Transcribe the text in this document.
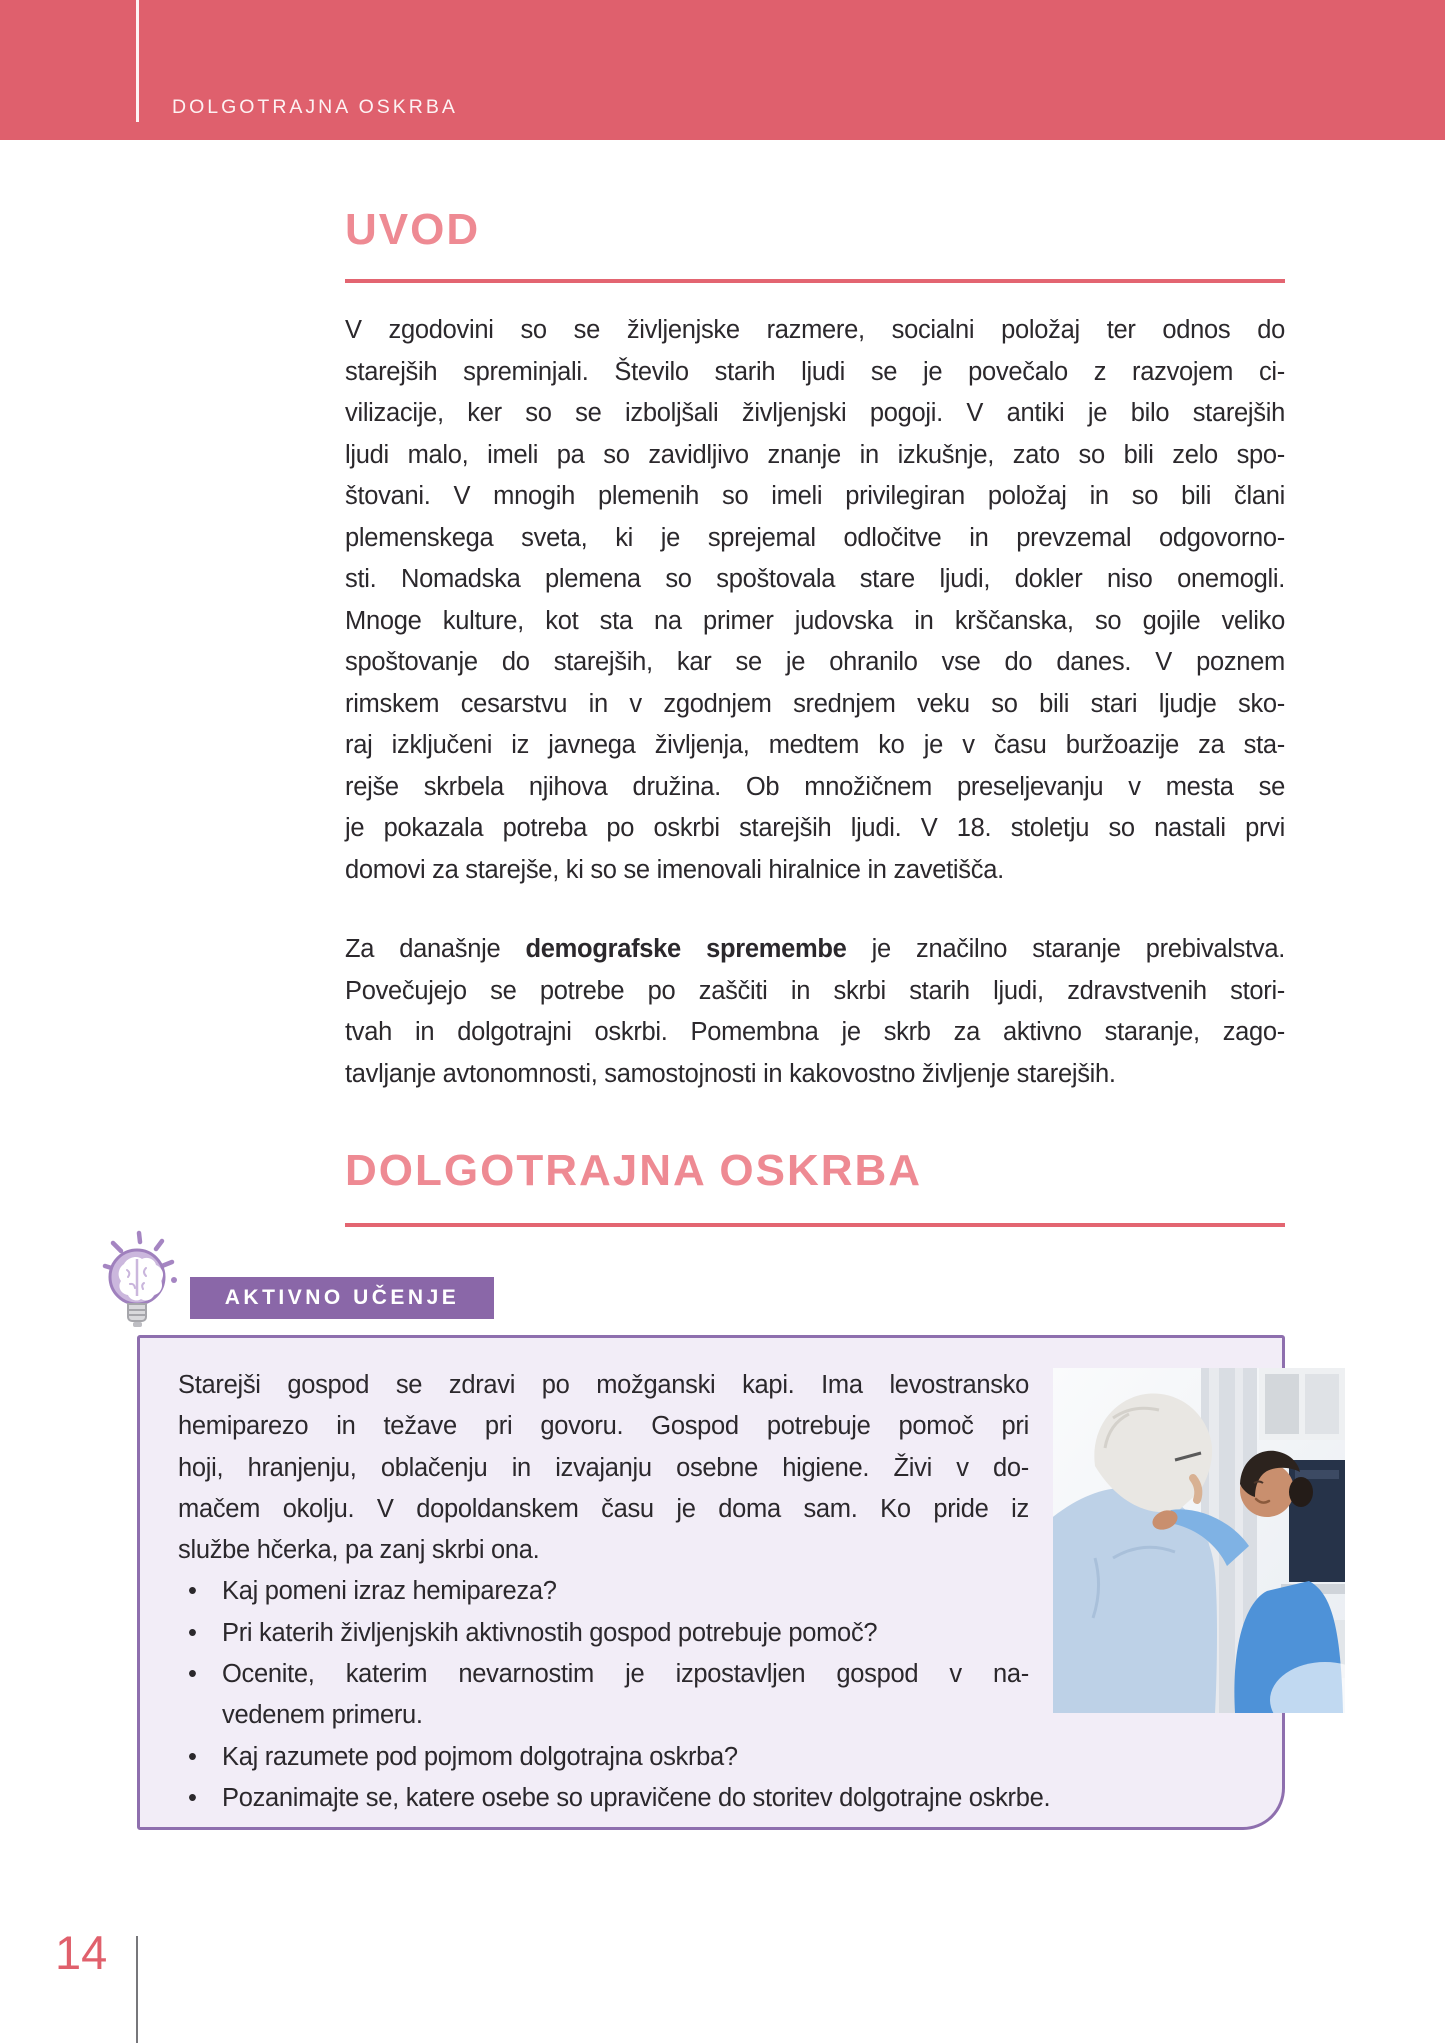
DOLGOTRAJNA OSKRBA
UVOD
V zgodovini so se življenjske razmere, socialni položaj ter odnos do
starejših spreminjali. Število starih ljudi se je povečalo z razvojem ci-
vilizacije, ker so se izboljšali življenjski pogoji. V antiki je bilo starejših
ljudi malo, imeli pa so zavidljivo znanje in izkušnje, zato so bili zelo spo-
štovani. V mnogih plemenih so imeli privilegiran položaj in so bili člani
plemenskega sveta, ki je sprejemal odločitve in prevzemal odgovorno-
sti. Nomadska plemena so spoštovala stare ljudi, dokler niso onemogli.
Mnoge kulture, kot sta na primer judovska in krščanska, so gojile veliko
spoštovanje do starejših, kar se je ohranilo vse do danes. V poznem
rimskem cesarstvu in v zgodnjem srednjem veku so bili stari ljudje sko-
raj izključeni iz javnega življenja, medtem ko je v času buržoazije za sta-
rejše skrbela njihova družina. Ob množičnem preseljevanju v mesta se
je pokazala potreba po oskrbi starejših ljudi. V 18. stoletju so nastali prvi
domovi za starejše, ki so se imenovali hiralnice in zavetišča.
Za današnje demografske spremembe je značilno staranje prebivalstva.
Povečujejo se potrebe po zaščiti in skrbi starih ljudi, zdravstvenih stori-
tvah in dolgotrajni oskrbi. Pomembna je skrb za aktivno staranje, zago-
tavljanje avtonomnosti, samostojnosti in kakovostno življenje starejših.
DOLGOTRAJNA OSKRBA
AKTIVNO UČENJE
Starejši gospod se zdravi po možganski kapi. Ima levostransko
hemiparezo in težave pri govoru. Gospod potrebuje pomoč pri
hoji, hranjenju, oblačenju in izvajanju osebne higiene. Živi v do-
mačem okolju. V dopoldanskem času je doma sam. Ko pride iz
službe hčerka, pa zanj skrbi ona.
• Kaj pomeni izraz hemipareza?
• Pri katerih življenjskih aktivnostih gospod potrebuje pomoč?
• Ocenite, katerim nevarnostim je izpostavljen gospod v na-
vedenem primeru.
• Kaj razumete pod pojmom dolgotrajna oskrba?
• Pozanimajte se, katere osebe so upravičene do storitev dolgotrajne oskrbe.
14
